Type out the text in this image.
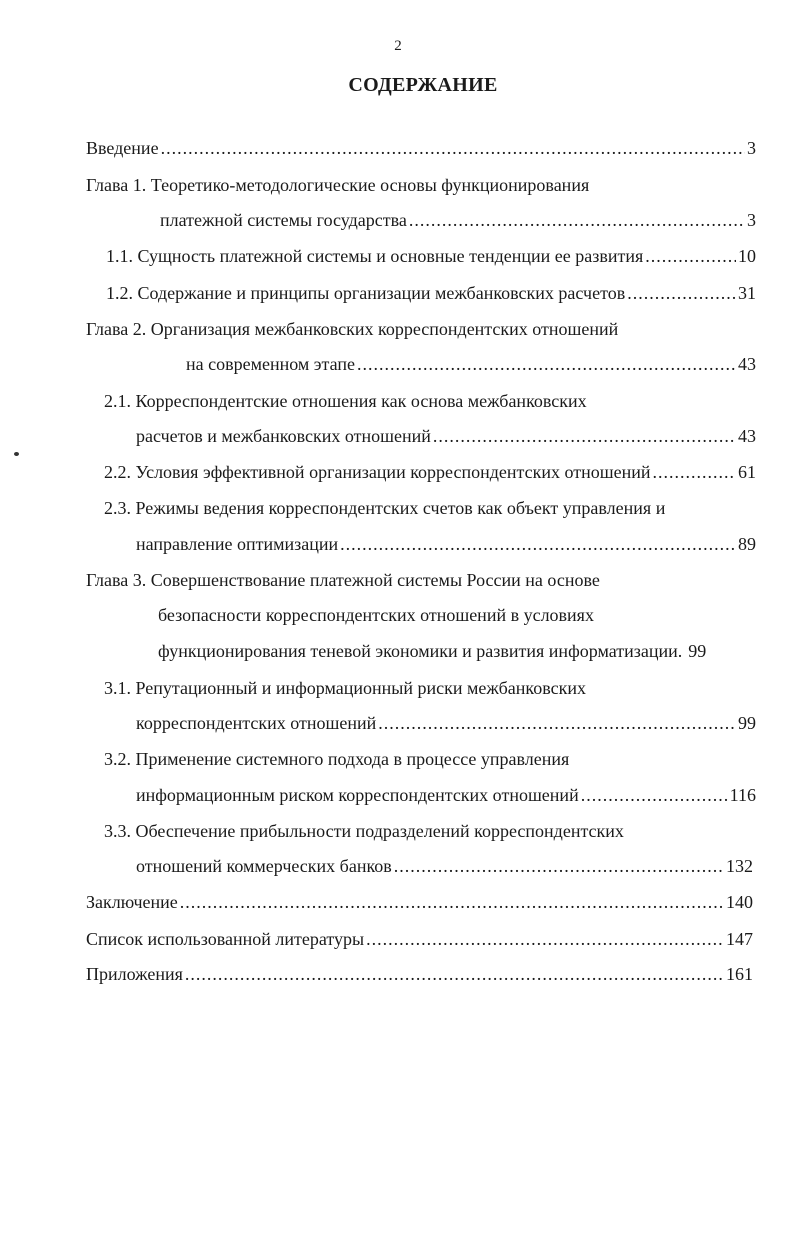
2
СОДЕРЖАНИЕ
Введение .....	3
Глава 1. Теоретико-методологические основы функционирования
платежной системы государства .....	3
1.1. Сущность платежной системы и основные тенденции ее развития .....	10
1.2. Содержание и принципы организации межбанковских расчетов .....	31
Глава 2. Организация межбанковских корреспондентских отношений
на современном этапе .....	43
2.1. Корреспондентские отношения как основа межбанковских
расчетов и межбанковских отношений .....	43
2.2. Условия эффективной организации корреспондентских отношений .....	61
2.3. Режимы ведения корреспондентских счетов как объект управления и
направление оптимизации .....	89
Глава 3. Совершенствование платежной системы России на основе
безопасности корреспондентских отношений в условиях
функционирования теневой экономики и развития информатизации. 99
3.1. Репутационный и информационный риски межбанковских
корреспондентских отношений .....	99
3.2. Применение системного подхода в процессе управления
информационным риском корреспондентских отношений .....	116
3.3. Обеспечение прибыльности подразделений корреспондентских
отношений коммерческих банков .....	132
Заключение .....	140
Список использованной литературы .....	147
Приложения .....	161
